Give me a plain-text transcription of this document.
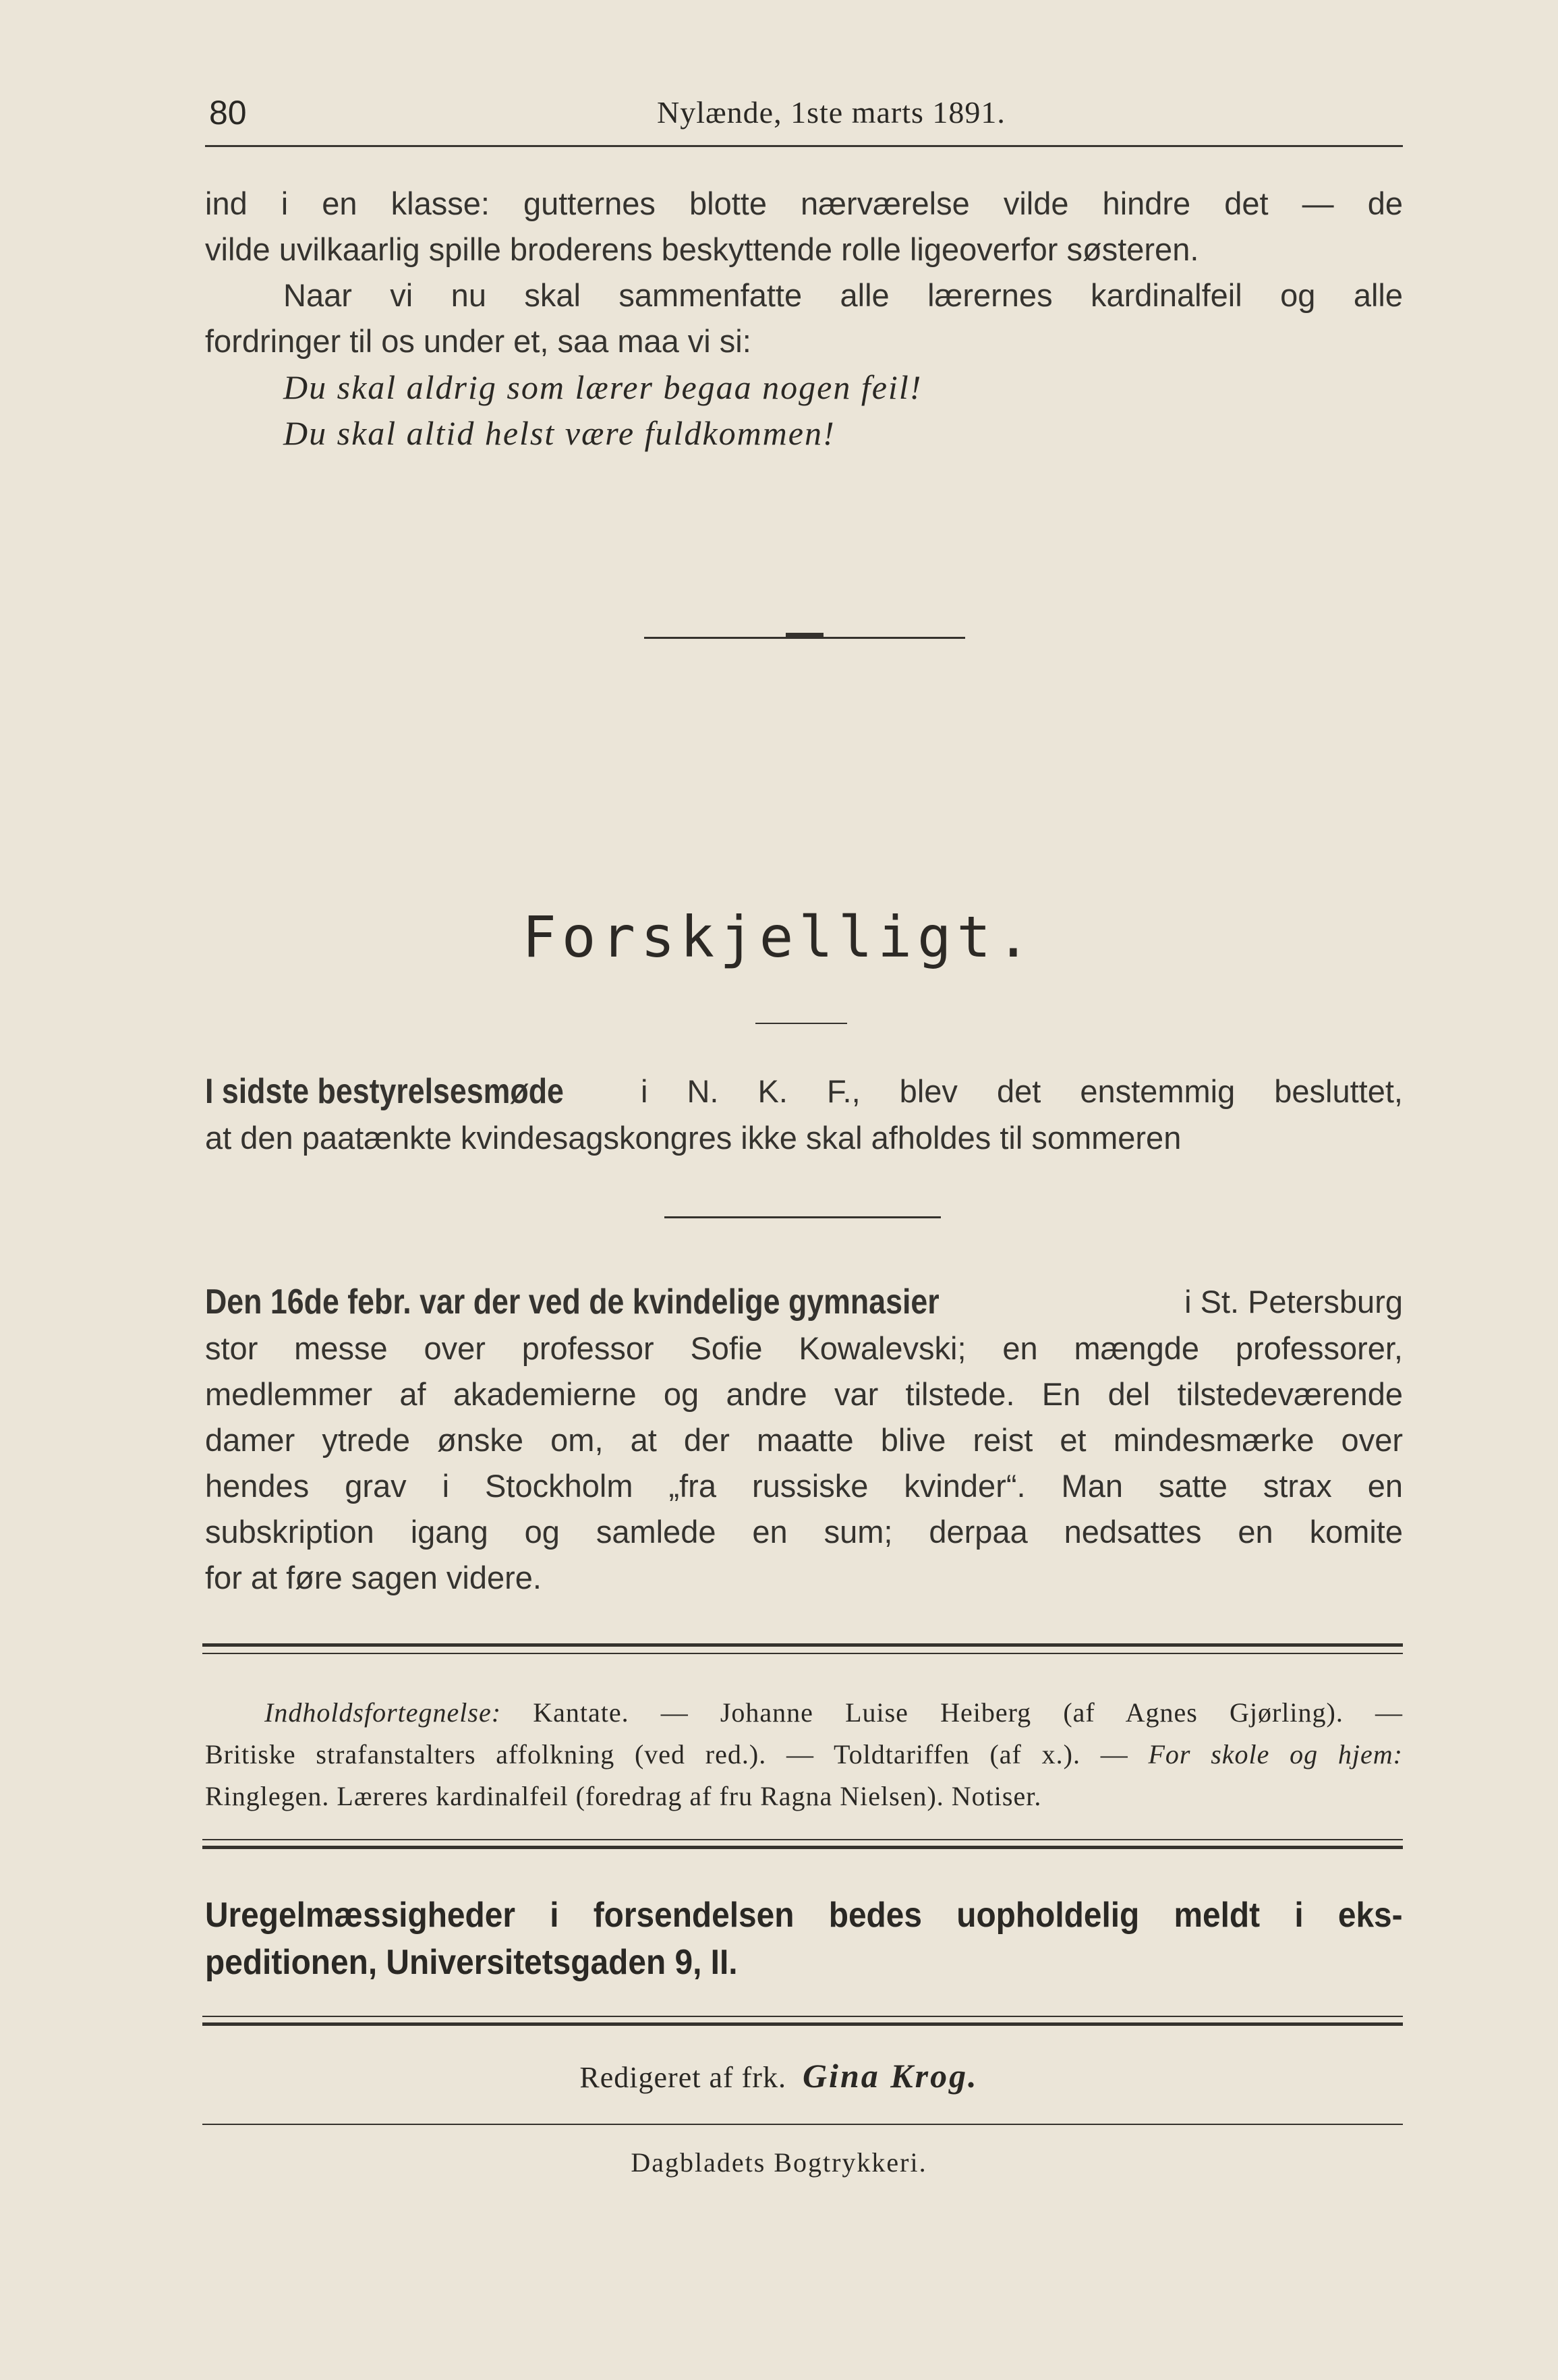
80	Nylænde, 1ste marts 1891.

ind i en klasse: gutternes blotte nærværelse vilde hindre det — de

vilde uvilkaarlig spille broderens beskyttende rolle ligeoverfor søsteren.

Naar vi nu skal sammenfatte alle lærernes kardinalfeil og alle

fordringer til os under et, saa maa vi si:

Du skal aldrig som lærer begaa nogen feil!

Du skal altid helst være fuldkommen!

Forskjelligt.

I sidste bestyrelsesmøde i N. K. F., blev det enstemmig besluttet,

at den paatænkte kvindesagskongres ikke skal afholdes til sommeren

Den 16de febr. var der ved de kvindelige gymnasier	i St. Petersburg

stor messe over professor Sofie Kowalevski; en mængde professorer,

medlemmer af akademierne og andre var tilstede. En del tilstedeværende

damer ytrede ønske om, at der maatte blive reist et mindesmærke over

hendes grav i Stockholm „fra russiske kvinder“. Man satte strax en

subskription igang og samlede en sum; derpaa nedsattes en komite

for at føre sagen videre.

Indholdsfortegnelse: Kantate. — Johanne Luise Heiberg (af Agnes Gjørling). —

Britiske strafanstalters affolkning (ved red.). — Toldtariffen (af x.). — For skole og hjem:

Ringlegen. Læreres kardinalfeil (foredrag af fru Ragna Nielsen). Notiser.

Uregelmæssigheder i forsendelsen bedes uopholdelig meldt i eks-

peditionen, Universitetsgaden 9, II.

Redigeret af frk. Gina Krog.
Dagbladets Bogtrykkeri.
